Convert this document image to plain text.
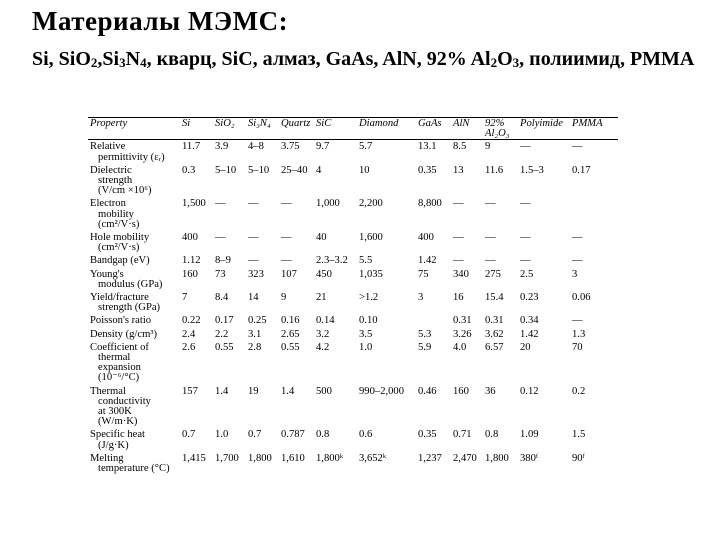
Материалы МЭМС:
Si, $SiO_2,Si_3N_4$, кварц, SiC, алмаз, GaAs, AlN, 92% $Al_2O_3$, полиимид, PMMA
Property	Si	SiO₂	Si₃N₄	Quartz	SiC	Diamond	GaAs	AlN	92% Al₂O₃	Polyimide	PMMA

Relative
permittivity (εᵣ)	11.7	3.9	4–8	3.75	9.7	5.7	13.1	8.5	9	—	—

Dielectric
strength
(V/cm ×10⁶)	0.3	5–10	5–10	25–40	4	10	0.35	13	11.6	1.5–3	0.17

Electron
mobility
(cm²/V·s)	1,500	—	—	—	1,000	2,200	8,800	—	—	—	

Hole mobility
(cm²/V·s)	400	—	—	—	40	1,600	400	—	—	—	—

Bandgap (eV)	1.12	8–9	—	—	2.3–3.2	5.5	1.42	—	—	—	—

Young's
modulus (GPa)	160	73	323	107	450	1,035	75	340	275	2.5	3

Yield/fracture
strength (GPa)	7	8.4	14	9	21	>1.2	3	16	15.4	0.23	0.06

Poisson's ratio	0.22	0.17	0.25	0.16	0.14	0.10		0.31	0.31	0.34	—

Density (g/cm³)	2.4	2.2	3.1	2.65	3.2	3.5	5.3	3.26	3.62	1.42	1.3

Coefficient of
thermal
expansion
(10⁻⁶/°C)	2.6	0.55	2.8	0.55	4.2	1.0	5.9	4.0	6.57	20	70

Thermal
conductivity
at 300K
(W/m·K)	157	1.4	19	1.4	500	990–2,000	0.46	160	36	0.12	0.2

Specific heat
(J/g·K)	0.7	1.0	0.7	0.787	0.8	0.6	0.35	0.71	0.8	1.09	1.5

Melting
temperature (°C)	1,415	1,700	1,800	1,610	1,800ᵏ	3,652ᵏ	1,237	2,470	1,800	380ᶠ	90ᶠ
